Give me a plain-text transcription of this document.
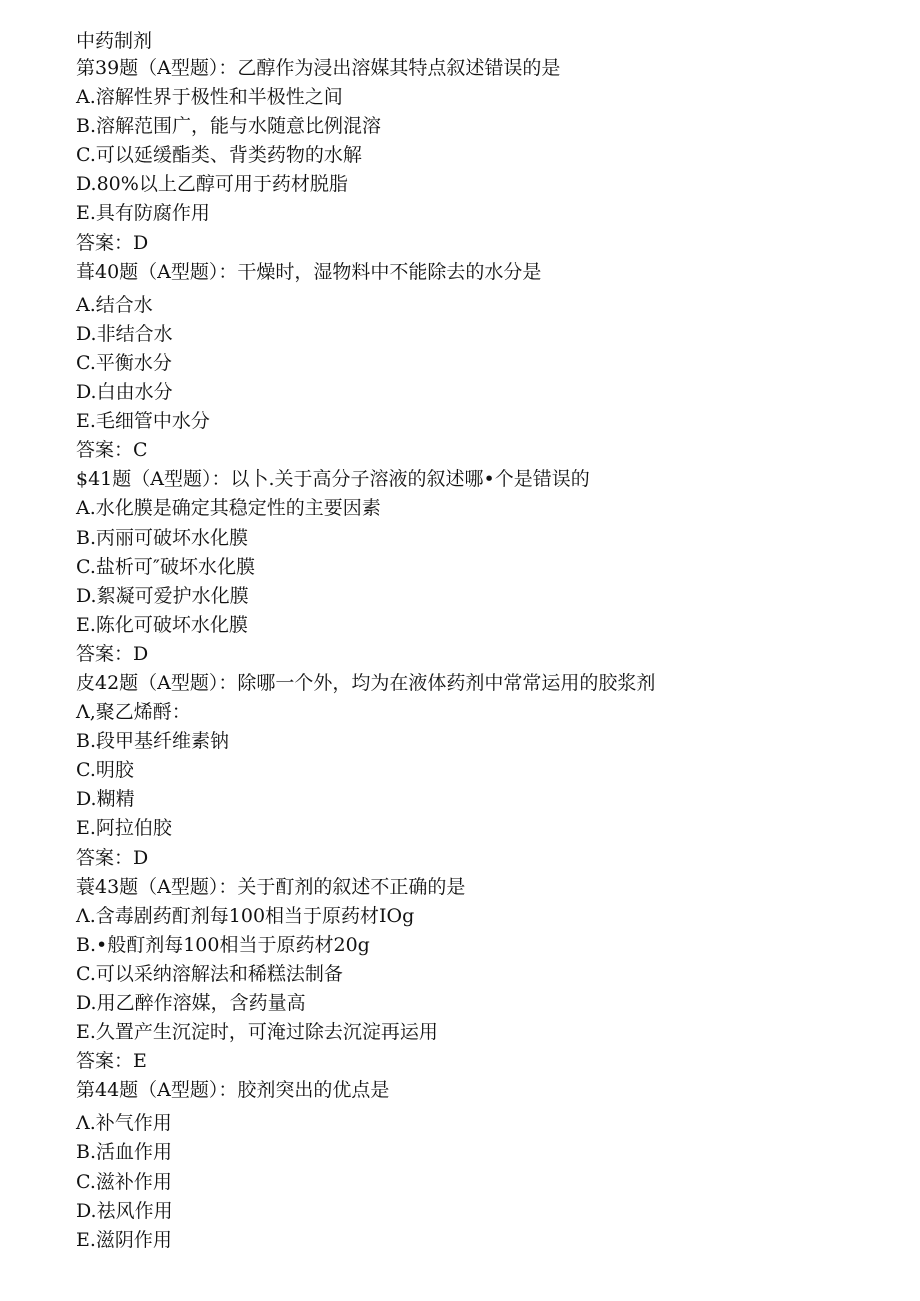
中药制剂
第39题（A型题）：乙醇作为浸出溶媒其特点叙述错误的是
A.溶解性界于极性和半极性之间
B.溶解范围广，能与水随意比例混溶
C.可以延缓酯类、背类药物的水解
D.80%以上乙醇可用于药材脱脂
E.具有防腐作用
答案：D
葺40题（A型题）：干燥时，湿物料中不能除去的水分是
A.结合水
D.非结合水
C.平衡水分
D.白由水分
E.毛细管中水分
答案：C
$41题（A型题）：以卜.关于高分子溶液的叙述哪•个是错误的
A.水化膜是确定其稳定性的主要因素
B.丙丽可破坏水化膜
C.盐析可″破坏水化膜
D.絮凝可爱护水化膜
E.陈化可破坏水化膜
答案：D
皮42题（A型题）：除哪一个外，均为在液体药剂中常常运用的胶浆剂
Λ,聚乙烯酹：
B.段甲基纤维素钠
C.明胶
D.糊精
E.阿拉伯胶
答案：D
蓑43题（A型题）：关于酊剂的叙述不正确的是
Λ.含毒剧药酊剂每100相当于原药材IOg
B.•般酊剂每100相当于原药材20g
C.可以采纳溶解法和稀糕法制备
D.用乙醉作溶媒，含药量高
E.久置产生沉淀时，可淹过除去沉淀再运用
答案：E
第44题（A型题）：胶剂突出的优点是
Λ.补气作用
B.活血作用
C.滋补作用
D.祛风作用
E.滋阴作用
